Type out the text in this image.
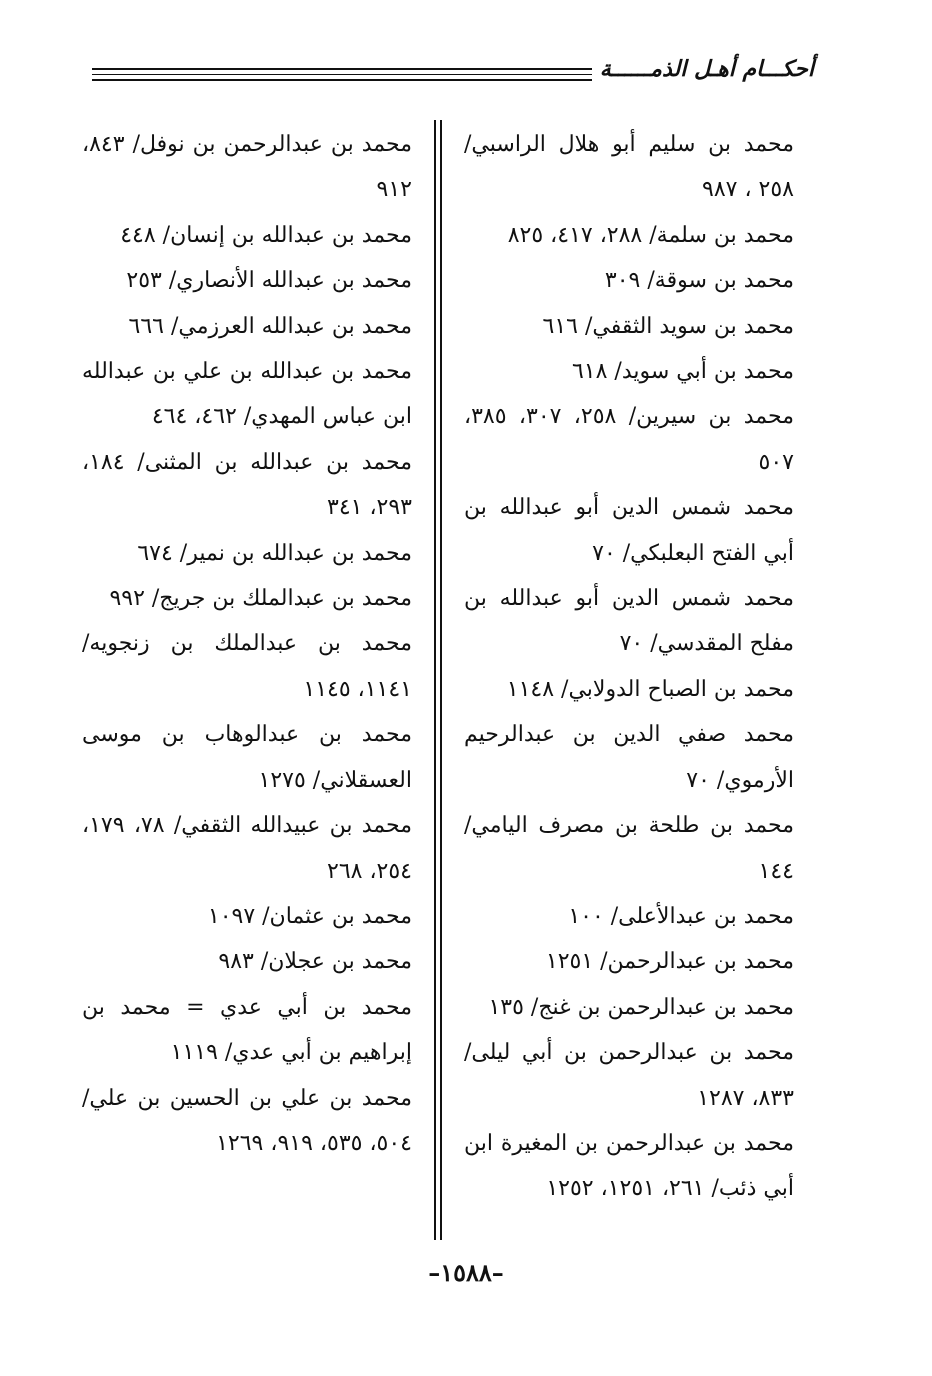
أحكـــام أهـل الذمــــــة

محمد بن سليم أبو هلال الراسبي/ ٢٥٨ ، ٩٨٧

محمد بن سلمة/ ٢٨٨، ٤١٧، ٨٢٥

محمد بن سوقة/ ٣٠٩

محمد بن سويد الثقفي/ ٦١٦

محمد بن أبي سويد/ ٦١٨

محمد بن سيرين/ ٢٥٨، ٣٠٧، ٣٨٥، ٥٠٧

محمد شمس الدين أبو عبدالله بن أبي الفتح البعلبكي/ ٧٠

محمد شمس الدين أبو عبدالله بن مفلح المقدسي/ ٧٠

محمد بن الصباح الدولابي/ ١١٤٨

محمد صفي الدين بن عبدالرحيم الأرموي/ ٧٠

محمد بن طلحة بن مصرف اليامي/ ١٤٤

محمد بن عبدالأعلى/ ١٠٠

محمد بن عبدالرحمن/ ١٢٥١

محمد بن عبدالرحمن بن غنج/ ١٣٥

محمد بن عبدالرحمن بن أبي ليلى/ ٨٣٣، ١٢٨٧

محمد بن عبدالرحمن بن المغيرة ابن أبي ذئب/ ٢٦١، ١٢٥١، ١٢٥٢

محمد بن عبدالرحمن بن نوفل/ ٨٤٣، ٩١٢

محمد بن عبدالله بن إنسان/ ٤٤٨

محمد بن عبدالله الأنصاري/ ٢٥٣

محمد بن عبدالله العرزمي/ ٦٦٦

محمد بن عبدالله بن علي بن عبدالله ابن عباس المهدي/ ٤٦٢، ٤٦٤

محمد بن عبدالله بن المثنى/ ١٨٤، ٢٩٣، ٣٤١

محمد بن عبدالله بن نمير/ ٦٧٤

محمد بن عبدالملك بن جريج/ ٩٩٢

محمد بن عبدالملك بن زنجويه/ ١١٤١، ١١٤٥

محمد بن عبدالوهاب بن موسى العسقلاني/ ١٢٧٥

محمد بن عبيدالله الثقفي/ ٧٨، ١٧٩، ٢٥٤، ٢٦٨

محمد بن عثمان/ ١٠٩٧

محمد بن عجلان/ ٩٨٣

محمد بن أبي عدي = محمد بن إبراهيم بن أبي عدي/ ١١١٩

محمد بن علي بن الحسين بن علي/ ٥٠٤، ٥٣٥، ٩١٩، ١٢٦٩

–١٥٨٨–
